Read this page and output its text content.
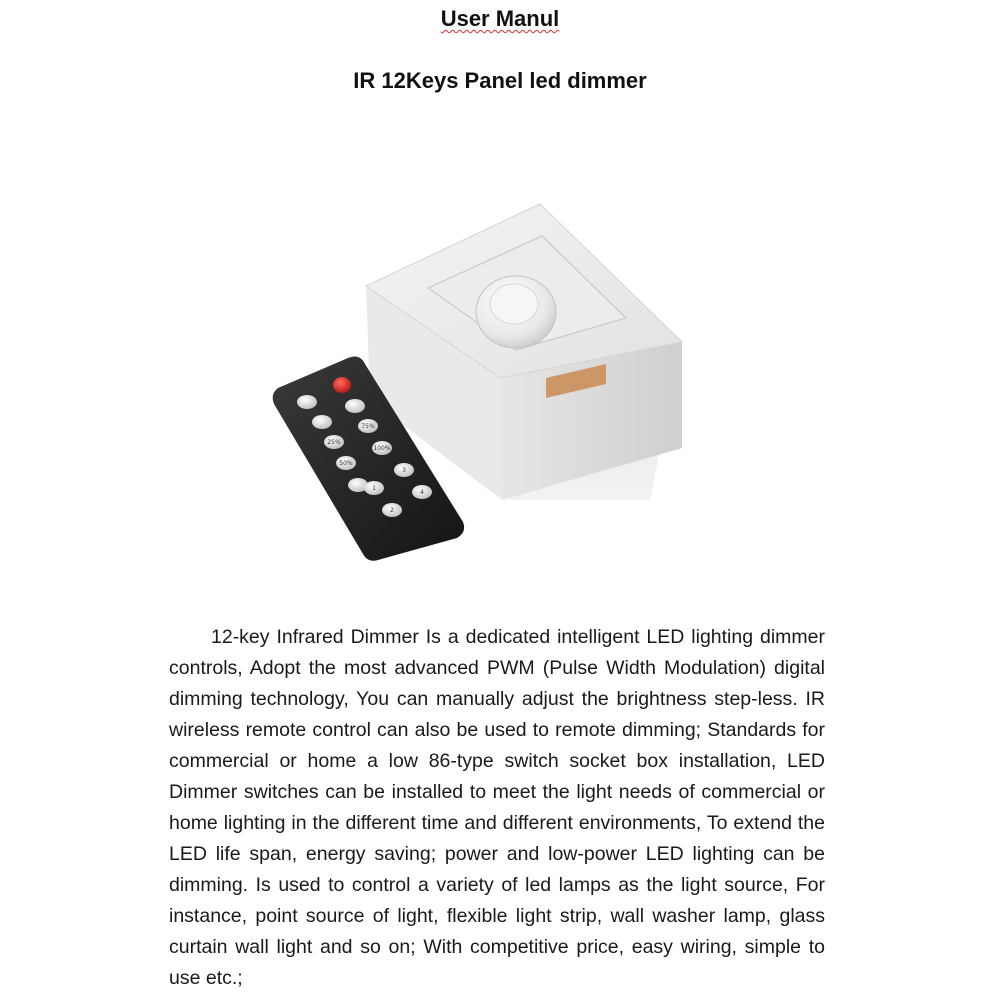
User Manul
IR 12Keys Panel led dimmer
25%
75%
50%
100%
3
1
4
2

12-key Infrared Dimmer Is a dedicated intelligent LED lighting dimmer controls, Adopt the most advanced PWM (Pulse Width Modulation) digital dimming technology, You can manually adjust the brightness step-less. IR wireless remote control can also be used to remote dimming; Standards for commercial or home a low 86-type switch socket box installation, LED Dimmer switches can be installed to meet the light needs of commercial or home lighting in the different time and different environments, To extend the LED life span, energy saving; power and low-power LED lighting can be dimming. Is used to control a variety of led lamps as the light source, For instance, point source of light, flexible light strip, wall washer lamp, glass curtain wall light and so on; With competitive price, easy wiring, simple to use etc.;
